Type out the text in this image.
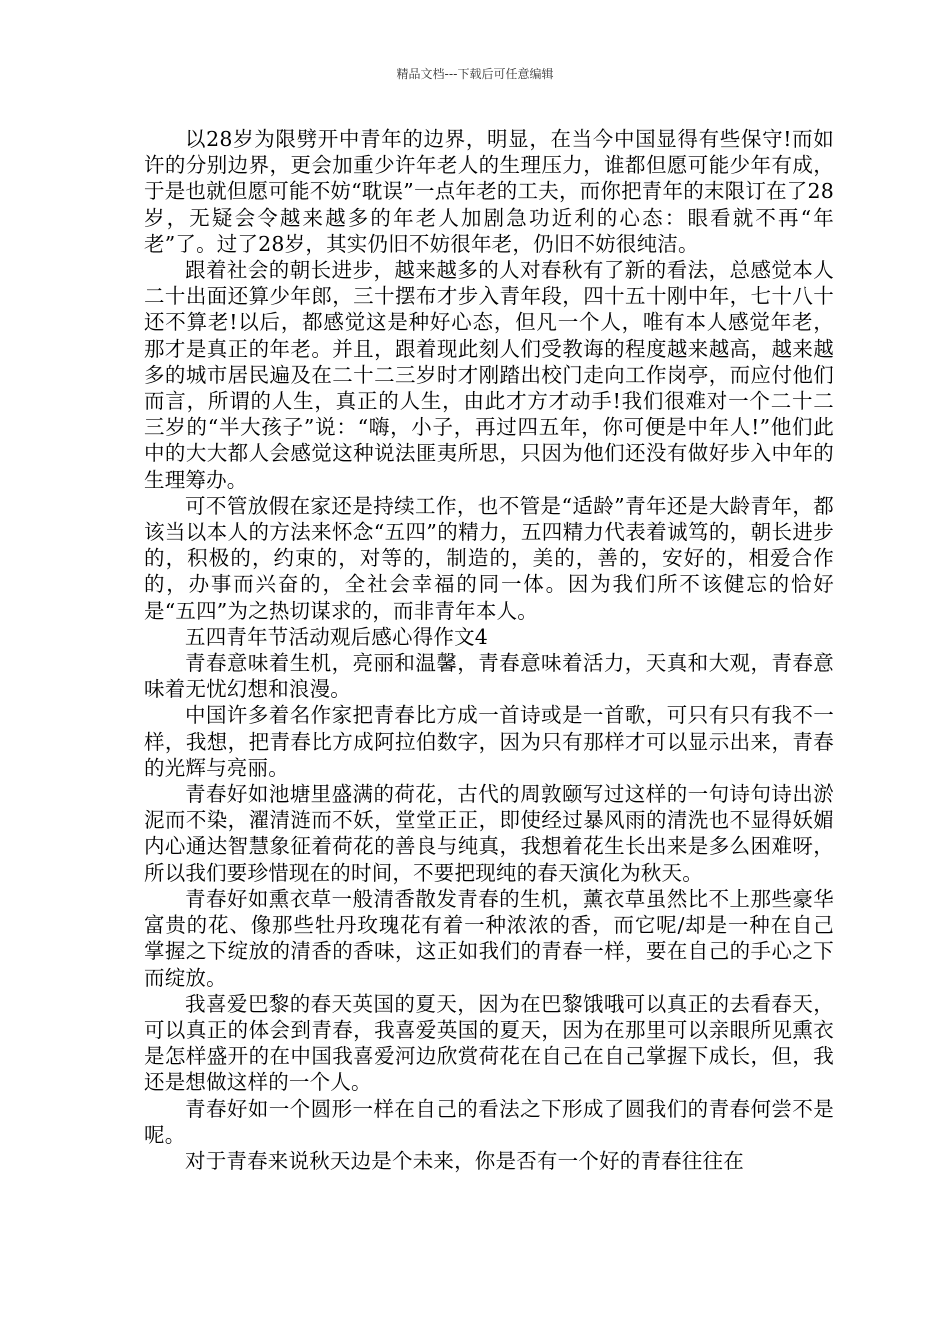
精品文档---下载后可任意编辑

以28岁为限劈开中青年的边界，明显，在当今中国显得有些保守!而如许的分别边界，更会加重少许年老人的生理压力，谁都但愿可能少年有成，于是也就但愿可能不妨“耽误”一点年老的工夫，而你把青年的末限订在了28岁，无疑会令越来越多的年老人加剧急功近利的心态：眼看就不再“年老”了。过了28岁，其实仍旧不妨很年老，仍旧不妨很纯洁。

跟着社会的朝长进步，越来越多的人对春秋有了新的看法，总感觉本人二十出面还算少年郎，三十摆布才步入青年段，四十五十刚中年，七十八十还不算老!以后，都感觉这是种好心态，但凡一个人，唯有本人感觉年老，那才是真正的年老。并且，跟着现此刻人们受教诲的程度越来越高，越来越多的城市居民遍及在二十二三岁时才刚踏出校门走向工作岗亭，而应付他们而言，所谓的人生，真正的人生，由此才方才动手!我们很难对一个二十二三岁的“半大孩子”说：“嗨，小子，再过四五年，你可便是中年人!”他们此中的大大都人会感觉这种说法匪夷所思，只因为他们还没有做好步入中年的生理筹办。

可不管放假在家还是持续工作，也不管是“适龄”青年还是大龄青年，都该当以本人的方法来怀念“五四”的精力，五四精力代表着诚笃的，朝长进步的，积极的，约束的，对等的，制造的，美的，善的，安好的，相爱合作的，办事而兴奋的，全社会幸福的同一体。因为我们所不该健忘的恰好是“五四”为之热切谋求的，而非青年本人。

五四青年节活动观后感心得作文4

青春意味着生机，亮丽和温馨，青春意味着活力，天真和大观，青春意味着无忧幻想和浪漫。

中国许多着名作家把青春比方成一首诗或是一首歌，可只有只有我不一样，我想，把青春比方成阿拉伯数字，因为只有那样才可以显示出来，青春的光辉与亮丽。

青春好如池塘里盛满的荷花，古代的周敦颐写过这样的一句诗句诗出淤泥而不染，濯清涟而不妖，堂堂正正，即使经过暴风雨的清洗也不显得妖媚内心通达智慧象征着荷花的善良与纯真，我想着花生长出来是多么困难呀，所以我们要珍惜现在的时间，不要把现纯的春天演化为秋天。

青春好如熏衣草一般清香散发青春的生机，薰衣草虽然比不上那些豪华富贵的花、像那些牡丹玫瑰花有着一种浓浓的香，而它呢/却是一种在自己掌握之下绽放的清香的香味，这正如我们的青春一样，要在自己的手心之下而绽放。

我喜爱巴黎的春天英国的夏天，因为在巴黎饿哦可以真正的去看春天，可以真正的体会到青春，我喜爱英国的夏天，因为在那里可以亲眼所见熏衣是怎样盛开的在中国我喜爱河边欣赏荷花在自己在自己掌握下成长，但，我还是想做这样的一个人。

青春好如一个圆形一样在自己的看法之下形成了圆我们的青春何尝不是呢。

对于青春来说秋天边是个未来，你是否有一个好的青春往往在
